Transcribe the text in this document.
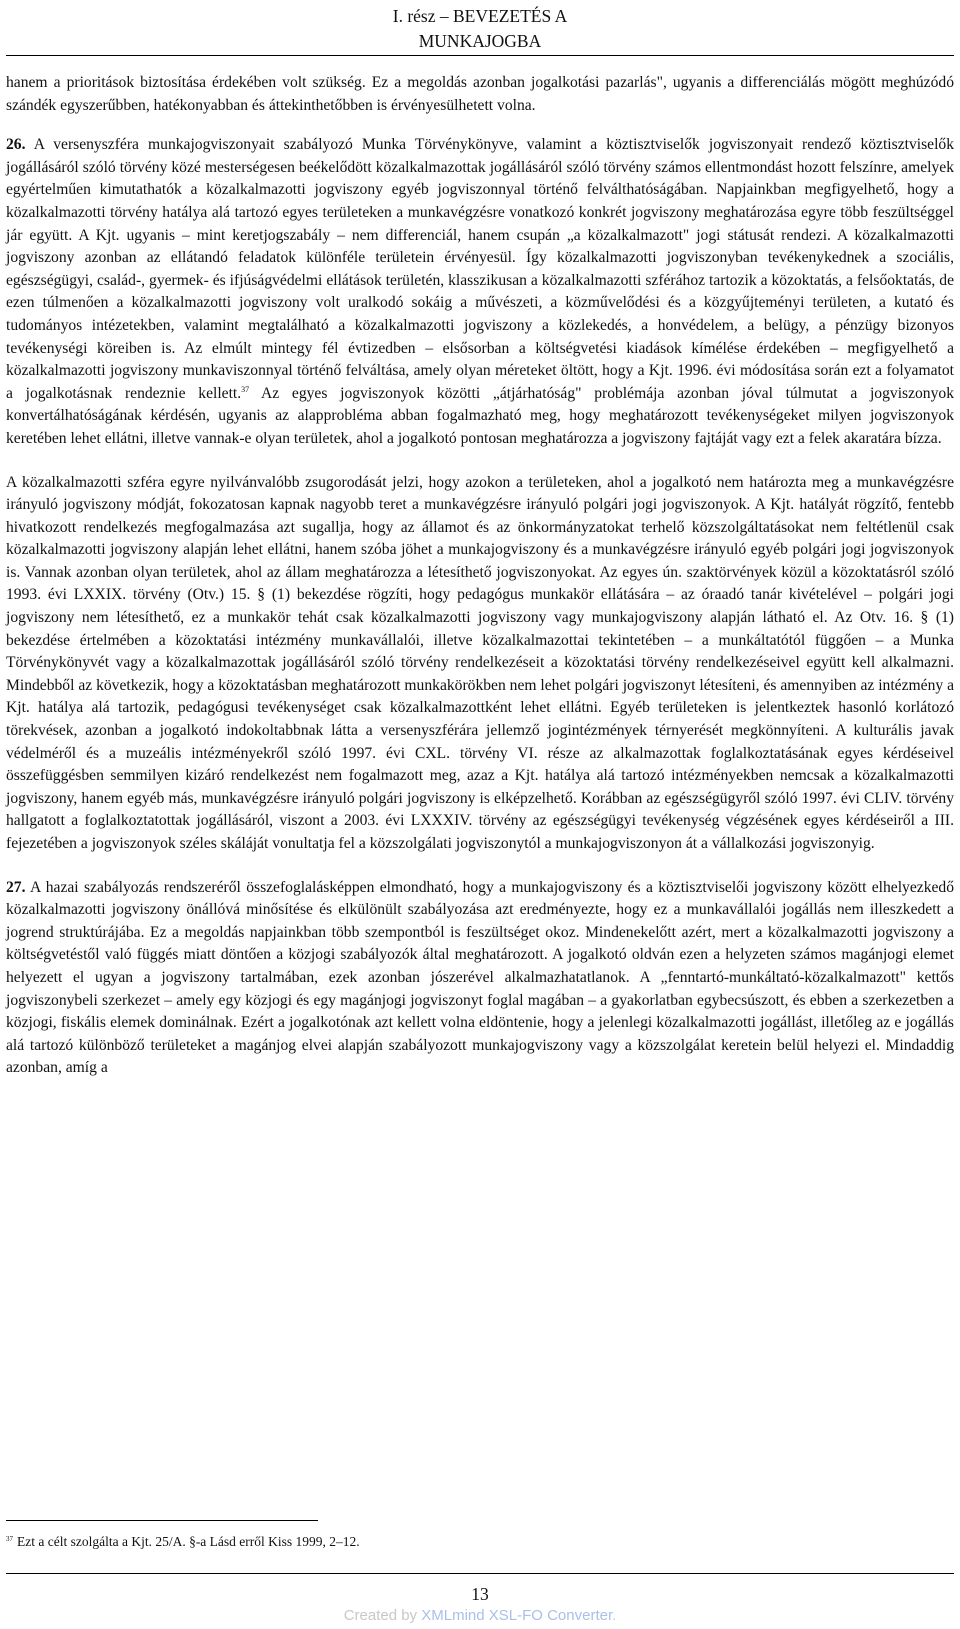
I. rész – BEVEZETÉS A
MUNKAJOGBA

hanem a prioritások biztosítása érdekében volt szükség. Ez a megoldás azonban jogalkotási pazarlás", ugyanis a differenciálás mögött meghúzódó szándék egyszerűbben, hatékonyabban és áttekinthetőbben is érvényesülhetett volna.

26. A versenyszféra munkajogviszonyait szabályozó Munka Törvénykönyve, valamint a köztisztviselők jogviszonyait rendező köztisztviselők jogállásáról szóló törvény közé mesterségesen beékelődött közalkalmazottak jogállásáról szóló törvény számos ellentmondást hozott felszínre, amelyek egyértelműen kimutathatók a közalkalmazotti jogviszony egyéb jogviszonnyal történő felválthatóságában. Napjainkban megfigyelhető, hogy a közalkalmazotti törvény hatálya alá tartozó egyes területeken a munkavégzésre vonatkozó konkrét jogviszony meghatározása egyre több feszültséggel jár együtt. A Kjt. ugyanis – mint keretjogszabály – nem differenciál, hanem csupán „a közalkalmazott" jogi státusát rendezi. A közalkalmazotti jogviszony azonban az ellátandó feladatok különféle területein érvényesül. Így közalkalmazotti jogviszonyban tevékenykednek a szociális, egészségügyi, család-, gyermek- és ifjúságvédelmi ellátások területén, klasszikusan a közalkalmazotti szférához tartozik a közoktatás, a felsőoktatás, de ezen túlmenően a közalkalmazotti jogviszony volt uralkodó sokáig a művészeti, a közművelődési és a közgyűjteményi területen, a kutató és tudományos intézetekben, valamint megtalálható a közalkalmazotti jogviszony a közlekedés, a honvédelem, a belügy, a pénzügy bizonyos tevékenységi köreiben is. Az elmúlt mintegy fél évtizedben – elsősorban a költségvetési kiadások kímélése érdekében – megfigyelhető a közalkalmazotti jogviszony munkaviszonnyal történő felváltása, amely olyan méreteket öltött, hogy a Kjt. 1996. évi módosítása során ezt a folyamatot a jogalkotásnak rendeznie kellett.$^{37}$ Az egyes jogviszonyok közötti „átjárhatóság" problémája azonban jóval túlmutat a jogviszonyok konvertálhatóságának kérdésén, ugyanis az alapprobléma abban fogalmazható meg, hogy meghatározott tevékenységeket milyen jogviszonyok keretében lehet ellátni, illetve vannak-e olyan területek, ahol a jogalkotó pontosan meghatározza a jogviszony fajtáját vagy ezt a felek akaratára bízza.

A közalkalmazotti szféra egyre nyilvánvalóbb zsugorodását jelzi, hogy azokon a területeken, ahol a jogalkotó nem határozta meg a munkavégzésre irányuló jogviszony módját, fokozatosan kapnak nagyobb teret a munkavégzésre irányuló polgári jogi jogviszonyok. A Kjt. hatályát rögzítő, fentebb hivatkozott rendelkezés megfogalmazása azt sugallja, hogy az államot és az önkormányzatokat terhelő közszolgáltatásokat nem feltétlenül csak közalkalmazotti jogviszony alapján lehet ellátni, hanem szóba jöhet a munkajogviszony és a munkavégzésre irányuló egyéb polgári jogi jogviszonyok is. Vannak azonban olyan területek, ahol az állam meghatározza a létesíthető jogviszonyokat. Az egyes ún. szaktörvények közül a közoktatásról szóló 1993. évi LXXIX. törvény (Otv.) 15. § (1) bekezdése rögzíti, hogy pedagógus munkakör ellátására – az óraadó tanár kivételével – polgári jogi jogviszony nem létesíthető, ez a munkakör tehát csak közalkalmazotti jogviszony vagy munkajogviszony alapján látható el. Az Otv. 16. § (1) bekezdése értelmében a közoktatási intézmény munkavállalói, illetve közalkalmazottai tekintetében – a munkáltatótól függően – a Munka Törvénykönyvét vagy a közalkalmazottak jogállásáról szóló törvény rendelkezéseit a közoktatási törvény rendelkezéseivel együtt kell alkalmazni. Mindebből az következik, hogy a közoktatásban meghatározott munkakörökben nem lehet polgári jogviszonyt létesíteni, és amennyiben az intézmény a Kjt. hatálya alá tartozik, pedagógusi tevékenységet csak közalkalmazottként lehet ellátni. Egyéb területeken is jelentkeztek hasonló korlátozó törekvések, azonban a jogalkotó indokoltabbnak látta a versenyszférára jellemző jogintézmények térnyerését megkönnyíteni. A kulturális javak védelméről és a muzeális intézményekről szóló 1997. évi CXL. törvény VI. része az alkalmazottak foglalkoztatásának egyes kérdéseivel összefüggésben semmilyen kizáró rendelkezést nem fogalmazott meg, azaz a Kjt. hatálya alá tartozó intézményekben nemcsak a közalkalmazotti jogviszony, hanem egyéb más, munkavégzésre irányuló polgári jogviszony is elképzelhető. Korábban az egészségügyről szóló 1997. évi CLIV. törvény hallgatott a foglalkoztatottak jogállásáról, viszont a 2003. évi LXXXIV. törvény az egészségügyi tevékenység végzésének egyes kérdéseiről a III. fejezetében a jogviszonyok széles skáláját vonultatja fel a közszolgálati jogviszonytól a munkajogviszonyon át a vállalkozási jogviszonyig.

27. A hazai szabályozás rendszeréről összefoglalásképpen elmondható, hogy a munkajogviszony és a köztisztviselői jogviszony között elhelyezkedő közalkalmazotti jogviszony önállóvá minősítése és elkülönült szabályozása azt eredményezte, hogy ez a munkavállalói jogállás nem illeszkedett a jogrend struktúrájába. Ez a megoldás napjainkban több szempontból is feszültséget okoz. Mindenekelőtt azért, mert a közalkalmazotti jogviszony a költségvetéstől való függés miatt döntően a közjogi szabályozók által meghatározott. A jogalkotó oldván ezen a helyzeten számos magánjogi elemet helyezett el ugyan a jogviszony tartalmában, ezek azonban jószerével alkalmazhatatlanok. A „fenntartó-munkáltató-közalkalmazott" kettős jogviszonybeli szerkezet – amely egy közjogi és egy magánjogi jogviszonyt foglal magában – a gyakorlatban egybecsúszott, és ebben a szerkezetben a közjogi, fiskális elemek dominálnak. Ezért a jogalkotónak azt kellett volna eldöntenie, hogy a jelenlegi közalkalmazotti jogállást, illetőleg az e jogállás alá tartozó különböző területeket a magánjog elvei alapján szabályozott munkajogviszony vagy a közszolgálat keretein belül helyezi el. Mindaddig azonban, amíg a

$^{37}$ Ezt a célt szolgálta a Kjt. 25/A. §-a Lásd erről Kiss 1999, 2–12.
13
Created by XMLmind XSL-FO Converter.
